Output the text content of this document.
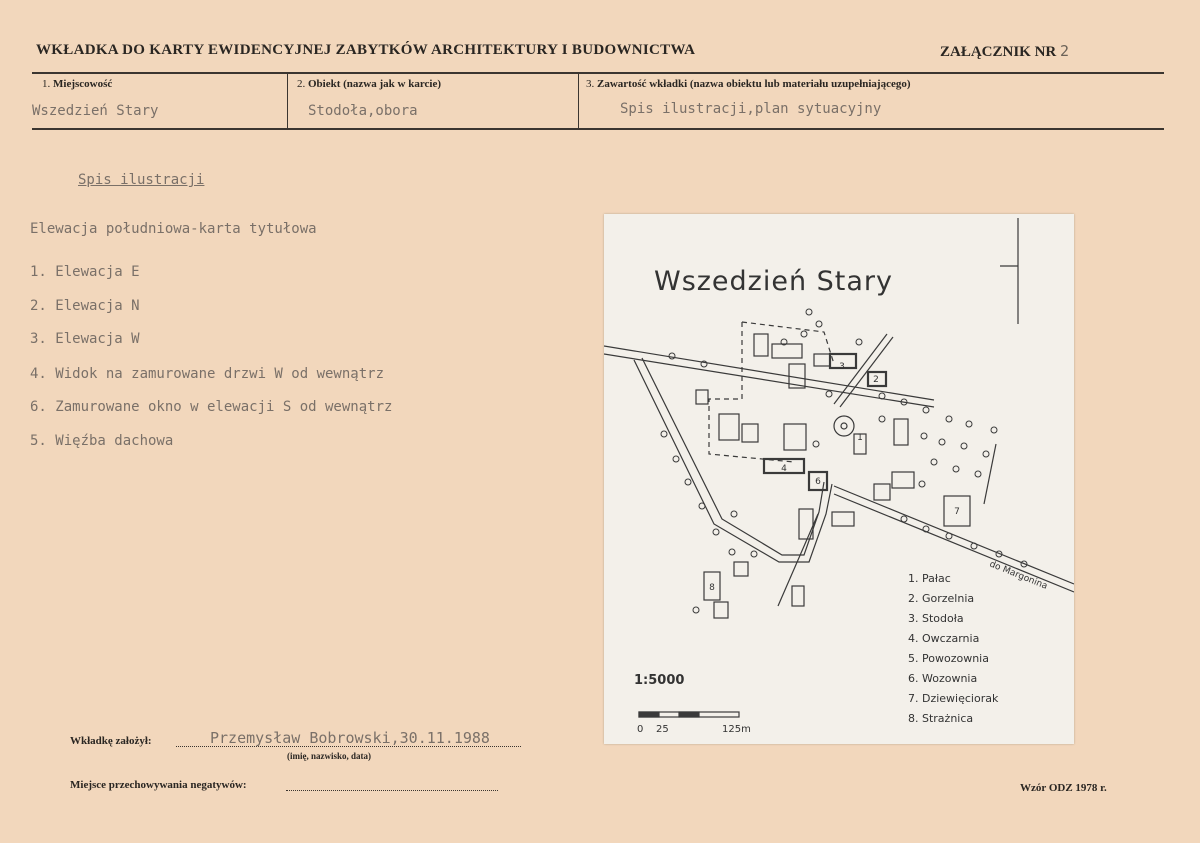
WKŁADKA DO KARTY EWIDENCYJNEJ ZABYTKÓW ARCHITEKTURY I BUDOWNICTWA	ZAŁĄCZNIK NR 2
1. Miejscowość	2. Obiekt (nazwa jak w karcie)	3. Zawartość wkładki (nazwa obiektu lub materiału uzupełniającego)
Wszedzień Stary	Stodoła,obora	Spis ilustracji,plan sytuacyjny
Spis ilustracji
Elewacja południowa-karta tytułowa
1. Elewacja E
2. Elewacja N
3. Elewacja W
4. Widok na zamurowane drzwi W od wewnątrz
6. Zamurowane okno w elewacji S od wewnątrz
5. Więźba dachowa
Wszedzień Stary
3
2
1
4
6
7
8	do Margonina
1:5000
0 25	125m
1. Pałac
2. Gorzelnia
3. Stodoła
4. Owczarnia
5. Powozownia
6. Wozownia
7. Dziewięciorak
8. Strażnica
Wkładkę założył:	Przemysław Bobrowski,30.11.1988
(imię, nazwisko, data)
Miejsce przechowywania negatywów:	Wzór ODZ 1978 r.
